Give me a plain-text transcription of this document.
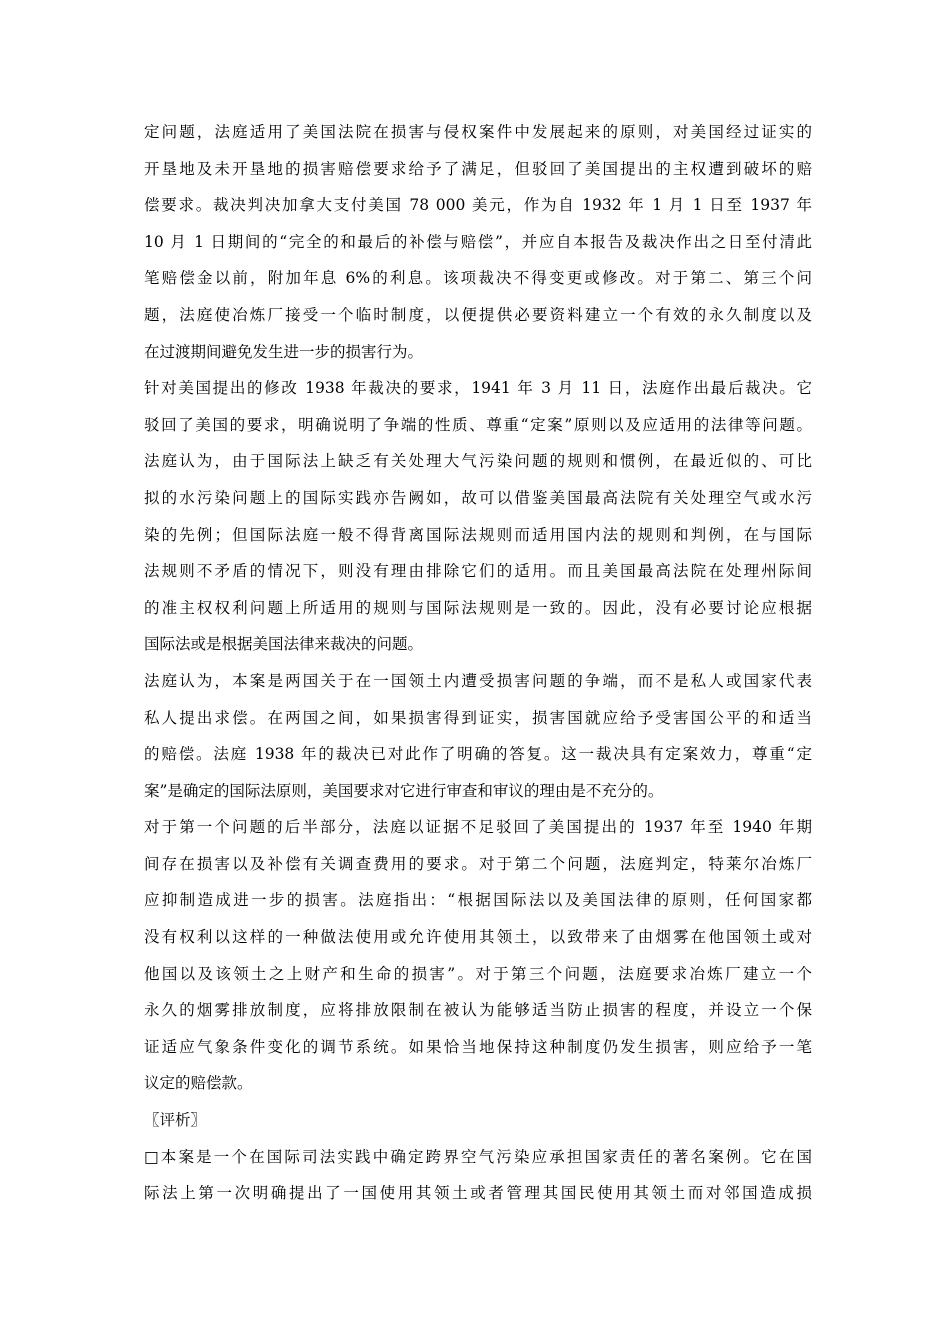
定问题，法庭适用了美国法院在损害与侵权案件中发展起来的原则，对美国经过证实的
开垦地及未开垦地的损害赔偿要求给予了满足，但驳回了美国提出的主权遭到破坏的赔
偿要求。裁决判决加拿大支付美国 78 000 美元，作为自 1932 年 1 月 1 日至 1937 年
10 月 1 日期间的“完全的和最后的补偿与赔偿”，并应自本报告及裁决作出之日至付清此
笔赔偿金以前，附加年息 6%的利息。该项裁决不得变更或修改。对于第二、第三个问
题，法庭使冶炼厂接受一个临时制度，以便提供必要资料建立一个有效的永久制度以及
在过渡期间避免发生进一步的损害行为。
针对美国提出的修改 1938 年裁决的要求，1941 年 3 月 11 日，法庭作出最后裁决。它
驳回了美国的要求，明确说明了争端的性质、尊重“定案”原则以及应适用的法律等问题。
法庭认为，由于国际法上缺乏有关处理大气污染问题的规则和惯例，在最近似的、可比
拟的水污染问题上的国际实践亦告阙如，故可以借鉴美国最高法院有关处理空气或水污
染的先例；但国际法庭一般不得背离国际法规则而适用国内法的规则和判例，在与国际
法规则不矛盾的情况下，则没有理由排除它们的适用。而且美国最高法院在处理州际间
的准主权权利问题上所适用的规则与国际法规则是一致的。因此，没有必要讨论应根据
国际法或是根据美国法律来裁决的问题。
法庭认为，本案是两国关于在一国领土内遭受损害问题的争端，而不是私人或国家代表
私人提出求偿。在两国之间，如果损害得到证实，损害国就应给予受害国公平的和适当
的赔偿。法庭 1938 年的裁决已对此作了明确的答复。这一裁决具有定案效力，尊重“定
案”是确定的国际法原则，美国要求对它进行审查和审议的理由是不充分的。
对于第一个问题的后半部分，法庭以证据不足驳回了美国提出的 1937 年至 1940 年期
间存在损害以及补偿有关调查费用的要求。对于第二个问题，法庭判定，特莱尔冶炼厂
应抑制造成进一步的损害。法庭指出：“根据国际法以及美国法律的原则，任何国家都
没有权利以这样的一种做法使用或允许使用其领土，以致带来了由烟雾在他国领土或对
他国以及该领土之上财产和生命的损害”。对于第三个问题，法庭要求冶炼厂建立一个
永久的烟雾排放制度，应将排放限制在被认为能够适当防止损害的程度，并设立一个保
证适应气象条件变化的调节系统。如果恰当地保持这种制度仍发生损害，则应给予一笔
议定的赔偿款。
〖评析〗
□本案是一个在国际司法实践中确定跨界空气污染应承担国家责任的著名案例。它在国
际法上第一次明确提出了一国使用其领土或者管理其国民使用其领土而对邻国造成损
